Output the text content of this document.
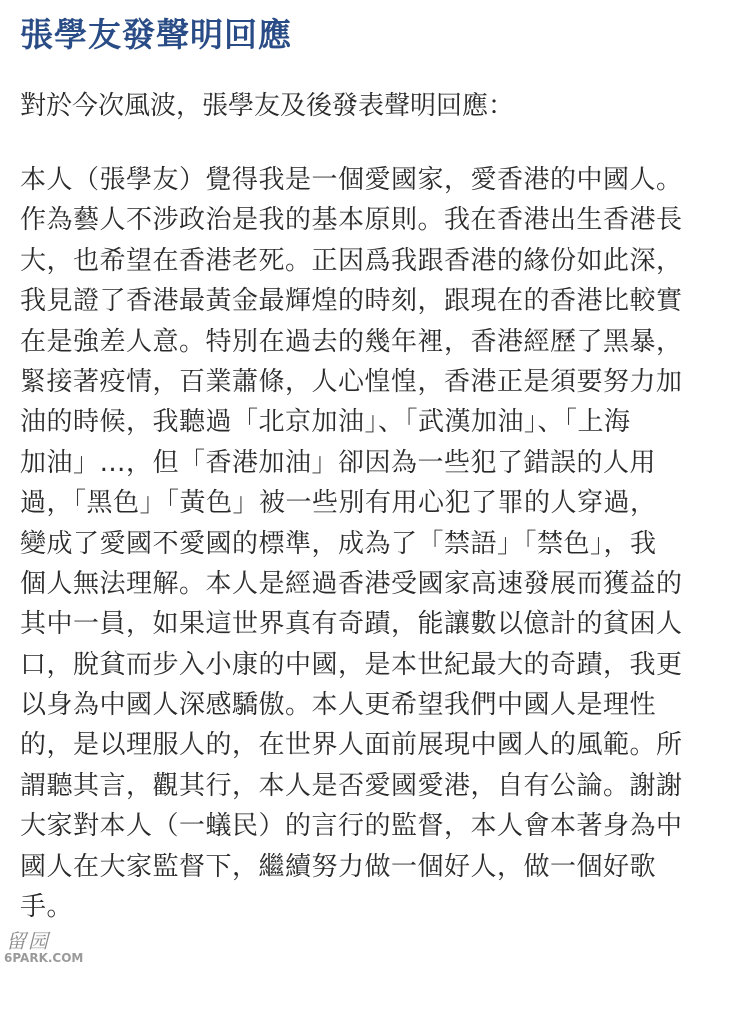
張學友發聲明回應
對於今次風波，張學友及後發表聲明回應：
本人（張學友）覺得我是一個愛國家，愛香港的中國人。
作為藝人不涉政治是我的基本原則。我在香港出生香港長
大，也希望在香港老死。正因爲我跟香港的緣份如此深，
我見證了香港最黃金最輝煌的時刻，跟現在的香港比較實
在是強差人意。特別在過去的幾年裡，香港經歷了黑暴，
緊接著疫情，百業蕭條，人心惶惶，香港正是須要努力加
油的時候，我聽過「北京加油」、「武漢加油」、「上海
加油」…，但「香港加油」卻因為一些犯了錯誤的人用
過，「黑色」「黃色」被一些別有用心犯了罪的人穿過，
變成了愛國不愛國的標準，成為了「禁語」「禁色」，我
個人無法理解。本人是經過香港受國家高速發展而獲益的
其中一員，如果這世界真有奇蹟，能讓數以億計的貧困人
口，脫貧而步入小康的中國，是本世紀最大的奇蹟，我更
以身為中國人深感驕傲。本人更希望我們中國人是理性
的，是以理服人的，在世界人面前展現中國人的風範。所
謂聽其言，觀其行，本人是否愛國愛港，自有公論。謝謝
大家對本人（一蟻民）的言行的監督，本人會本著身為中
國人在大家監督下，繼續努力做一個好人，做一個好歌
手。
留园
6PARK.COM
